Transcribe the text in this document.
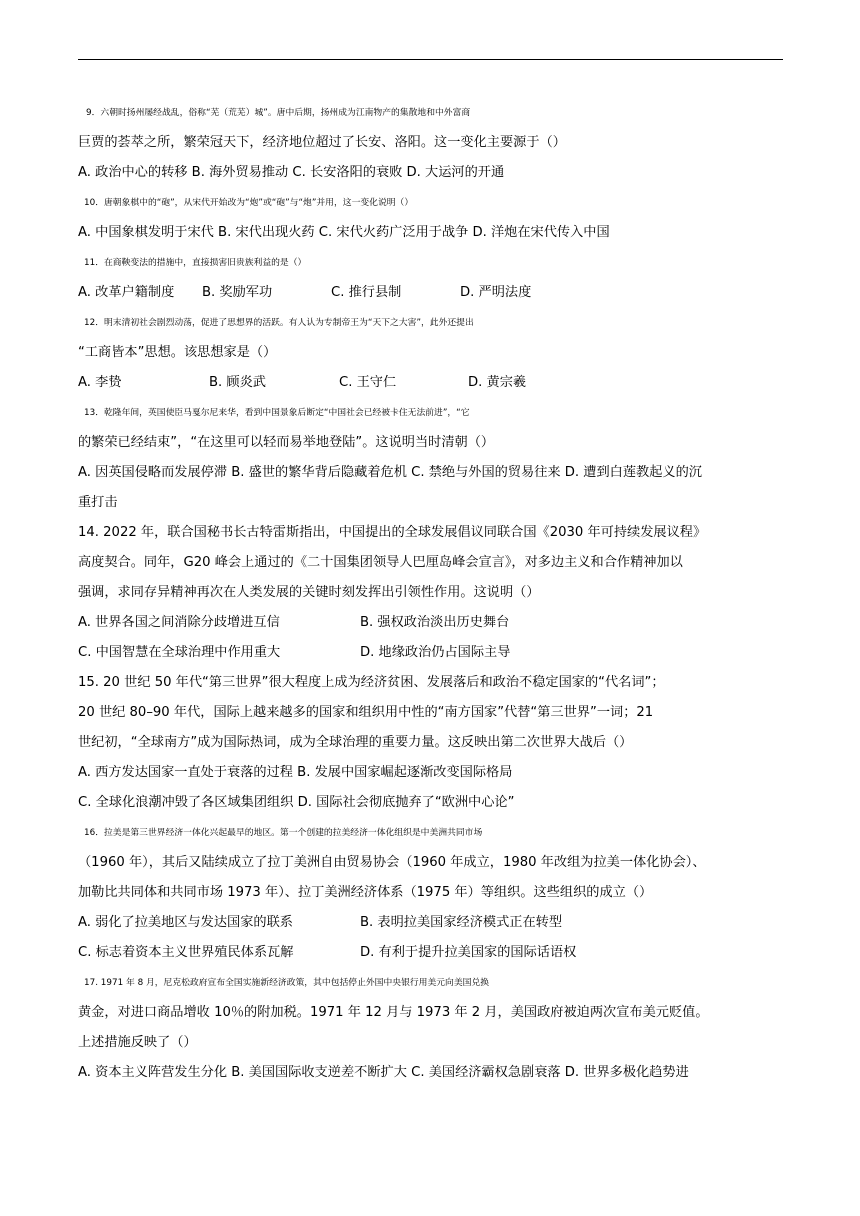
9．六朝时扬州屡经战乱，俗称“芜（荒芜）城”。唐中后期，扬州成为江南物产的集散地和中外富商
巨贾的荟萃之所，繁荣冠天下，经济地位超过了长安、洛阳。这一变化主要源于（）
A. 政治中心的转移 B. 海外贸易推动 C. 长安洛阳的衰败 D. 大运河的开通
10．唐朝象棋中的“砲”，从宋代开始改为“炮”或“砲”与“炮”并用，这一变化说明（）
A. 中国象棋发明于宋代 B. 宋代出现火药 C. 宋代火药广泛用于战争 D. 洋炮在宋代传入中国
11．在商鞅变法的措施中，直接损害旧贵族利益的是（）
A. 改革户籍制度 B. 奖励军功	C. 推行县制	D. 严明法度
12．明末清初社会剧烈动荡，促进了思想界的活跃。有人认为专制帝王为“天下之大害”，此外还提出
“工商皆本”思想。该思想家是（）
A. 李贽	B. 顾炎武	C. 王守仁	D. 黄宗羲
13．乾隆年间，英国使臣马戛尔尼来华，看到中国景象后断定“中国社会已经被卡住无法前进”，“它
的繁荣已经结束”，“在这里可以轻而易举地登陆”。这说明当时清朝（）
A. 因英国侵略而发展停滞 B. 盛世的繁华背后隐藏着危机 C. 禁绝与外国的贸易往来 D. 遭到白莲教起义的沉
重打击
14. 2022 年，联合国秘书长古特雷斯指出，中国提出的全球发展倡议同联合国《2030 年可持续发展议程》
高度契合。同年，G20 峰会上通过的《二十国集团领导人巴厘岛峰会宣言》，对多边主义和合作精神加以
强调，求同存异精神再次在人类发展的关键时刻发挥出引领性作用。这说明（）
A. 世界各国之间消除分歧增进互信	B. 强权政治淡出历史舞台
C. 中国智慧在全球治理中作用重大	D. 地缘政治仍占国际主导
15. 20 世纪 50 年代“第三世界”很大程度上成为经济贫困、发展落后和政治不稳定国家的“代名词”；
20 世纪 80–90 年代，国际上越来越多的国家和组织用中性的“南方国家”代替“第三世界”一词；21
世纪初，“全球南方”成为国际热词，成为全球治理的重要力量。这反映出第二次世界大战后（）
A. 西方发达国家一直处于衰落的过程 B. 发展中国家崛起逐渐改变国际格局
C. 全球化浪潮冲毁了各区域集团组织 D. 国际社会彻底抛弃了“欧洲中心论”
16．拉美是第三世界经济一体化兴起最早的地区。第一个创建的拉美经济一体化组织是中美洲共同市场
（1960 年），其后又陆续成立了拉丁美洲自由贸易协会（1960 年成立，1980 年改组为拉美一体化协会）、
加勒比共同体和共同市场 1973 年）、拉丁美洲经济体系（1975 年）等组织。这些组织的成立（）
A. 弱化了拉美地区与发达国家的联系	B. 表明拉美国家经济模式正在转型
C. 标志着资本主义世界殖民体系瓦解	D. 有利于提升拉美国家的国际话语权
17. 1971 年 8 月，尼克松政府宣布全国实施新经济政策，其中包括停止外国中央银行用美元向美国兑换
黄金，对进口商品增收 10％的附加税。1971 年 12 月与 1973 年 2 月，美国政府被迫两次宣布美元贬值。
上述措施反映了（）
A. 资本主义阵营发生分化 B. 美国国际收支逆差不断扩大 C. 美国经济霸权急剧衰落 D. 世界多极化趋势进
